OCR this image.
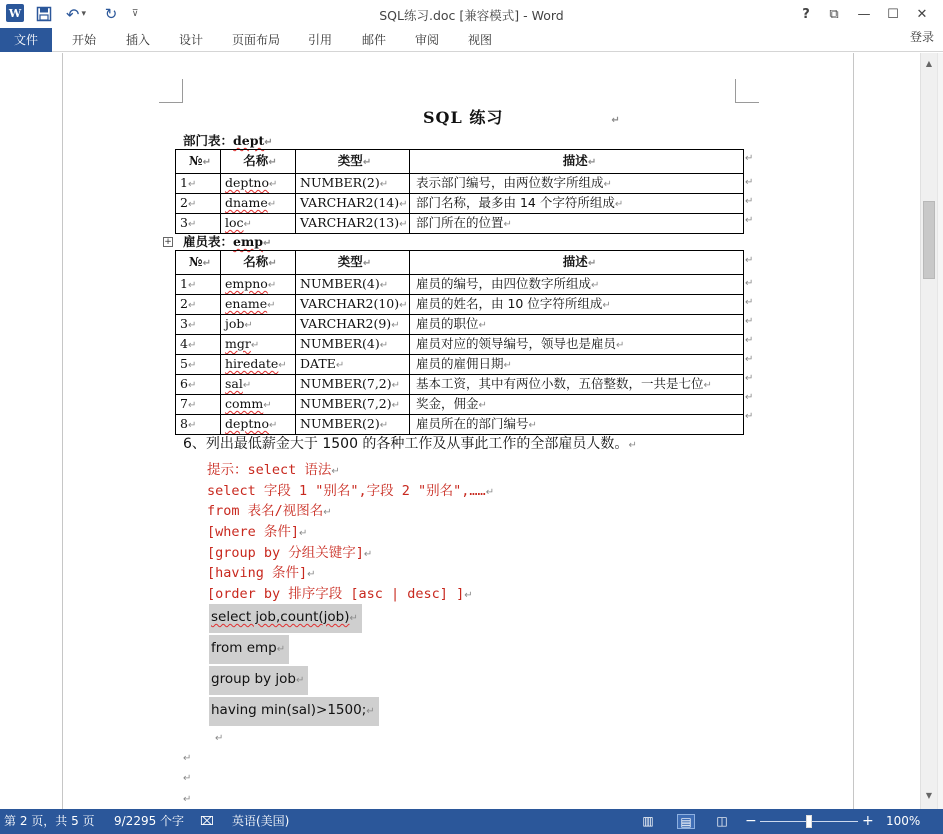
W	↶ ▾ ↻ ⊽	SQL练习.doc [兼容模式] - Word	? ⧉ — ☐ ✕
文件	开始	插入	设计	页面布局	引用	邮件	审阅	视图	登录
SQL 练习	↵
部门表：dept↵
№↵	名称↵	类型↵	描述↵
1↵	deptno↵	NUMBER(2)↵	表示部门编号，由两位数字所组成↵
2↵	dname↵	VARCHAR2(14)↵	部门名称，最多由 14 个字符所组成↵
3↵	loc↵	VARCHAR2(13)↵	部门所在的位置↵
+ 雇员表：emp↵
№↵	名称↵	类型↵	描述↵
1↵	empno↵	NUMBER(4)↵	雇员的编号，由四位数字所组成↵
2↵	ename↵	VARCHAR2(10)↵	雇员的姓名，由 10 位字符所组成↵
3↵	job↵	VARCHAR2(9)↵	雇员的职位↵
4↵	mgr↵	NUMBER(4)↵	雇员对应的领导编号，领导也是雇员↵
5↵	hiredate↵	DATE↵	雇员的雇佣日期↵
6↵	sal↵	NUMBER(7,2)↵	基本工资，其中有两位小数，五倍整数，一共是七位↵
7↵	comm↵	NUMBER(7,2)↵	奖金，佣金↵
8↵	deptno↵	NUMBER(2)↵	雇员所在的部门编号↵
↵
↵
↵
↵
↵
↵
↵
↵
↵
↵
↵
↵
↵
6、列出最低薪金大于 1500 的各种工作及从事此工作的全部雇员人数。↵
提示：select 语法↵
select 字段 1 "别名",字段 2 "别名",……↵
from 表名/视图名↵
[where 条件]↵
[group by 分组关键字]↵
[having 条件]↵
[order by 排序字段 [asc | desc] ]↵
select job,count(job)↵
from emp↵
group by job↵
having min(sal)>1500;↵
↵
↵
↵
↵
▲
▼
第 2 页，共 5 页 9/2295 个字 ⌧ 英语(美国)	▥ ▤ ◫ −	+ 100%
